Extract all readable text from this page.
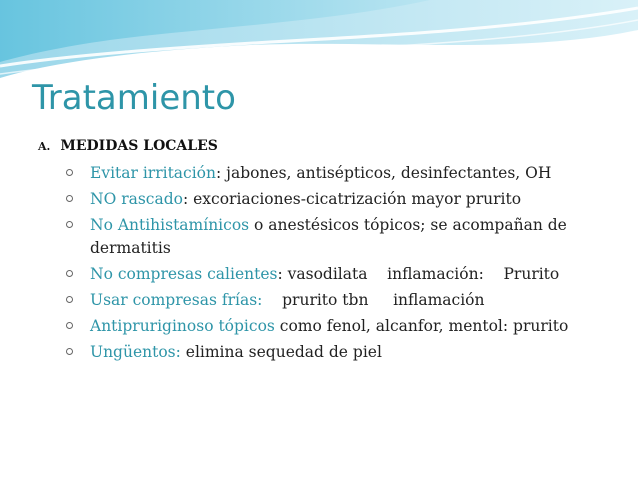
Tratamiento
A. MEDIDAS LOCALES
Evitar irritación: jabones, antisépticos, desinfectantes, OH
NO rascado: excoriaciones-cicatrización mayor prurito
No Antihistamínicos o anestésicos tópicos; se acompañan de dermatitis
No compresas calientes: vasodilata    inflamación:    Prurito
Usar compresas frías:    prurito tbn     inflamación
Antipruriginoso tópicos como fenol, alcanfor, mentol: prurito
Ungüentos: elimina sequedad de piel
